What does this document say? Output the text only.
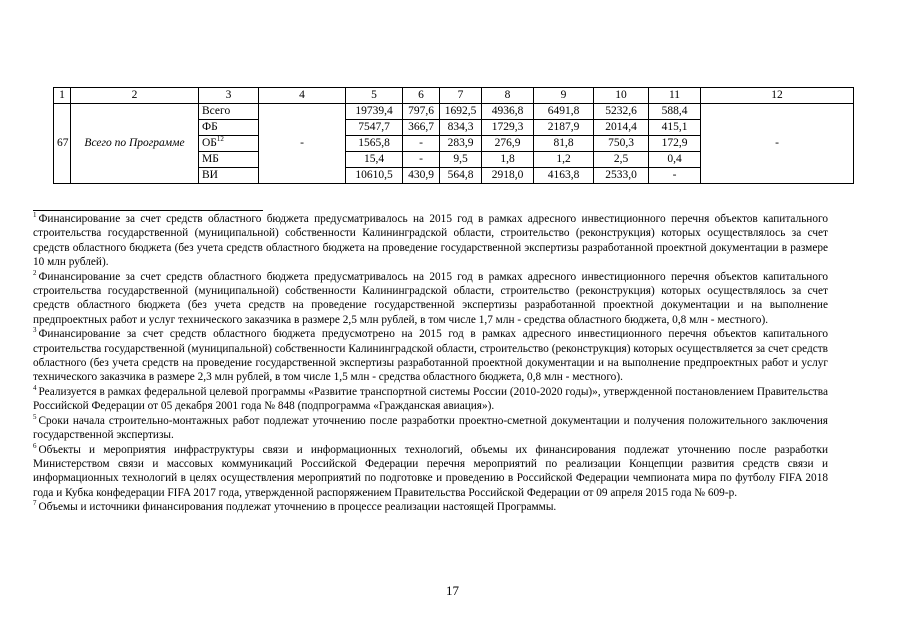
1	2	3	4	5	6	7	8	9	10	11	12
67	Всего по Программе	Всего	-	19739,4	797,6	1692,5	4936,8	6491,8	5232,6	588,4	-
		ФБ		7547,7	366,7	834,3	1729,3	2187,9	2014,4	415,1	
		ОБ$^{12}$		1565,8	-	283,9	276,9	81,8	750,3	172,9	
		МБ		15,4	-	9,5	1,8	1,2	2,5	0,4	
		ВИ		10610,5	430,9	564,8	2918,0	4163,8	2533,0	-	

$^1$ Финансирование за счет средств областного бюджета предусматривалось на 2015 год в рамках адресного инвестиционного перечня объектов капитального строительства государственной (муниципальной) собственности Калининградской области, строительство (реконструкция) которых осуществлялось за счет средств областного бюджета (без учета средств областного бюджета на проведение государственной экспертизы разработанной проектной документации в размере 10 млн рублей).

$^2$ Финансирование за счет средств областного бюджета предусматривалось на 2015 год в рамках адресного инвестиционного перечня объектов капитального строительства государственной (муниципальной) собственности Калининградской области, строительство (реконструкция) которых осуществлялось за счет средств областного бюджета (без учета средств на проведение государственной экспертизы разработанной проектной документации и на выполнение предпроектных работ и услуг технического заказчика в размере 2,5 млн рублей, в том числе 1,7 млн - средства областного бюджета, 0,8 млн - местного).

$^3$ Финансирование за счет средств областного бюджета предусмотрено на 2015 год в рамках адресного инвестиционного перечня объектов капитального строительства государственной (муниципальной) собственности Калининградской области, строительство (реконструкция) которых осуществляется за счет средств областного (без учета средств на проведение государственной экспертизы разработанной проектной документации и на выполнение предпроектных работ и услуг технического заказчика в размере 2,3 млн рублей, в том числе 1,5 млн - средства областного бюджета, 0,8 млн - местного).

$^4$ Реализуется в рамках федеральной целевой программы «Развитие транспортной системы России (2010-2020 годы)», утвержденной постановлением Правительства Российской Федерации от 05 декабря 2001 года № 848 (подпрограмма «Гражданская авиация»).

$^5$ Сроки начала строительно-монтажных работ подлежат уточнению после разработки проектно-сметной документации и получения положительного заключения государственной экспертизы.

$^6$ Объекты и мероприятия инфраструктуры связи и информационных технологий, объемы их финансирования подлежат уточнению после разработки Министерством связи и массовых коммуникаций Российской Федерации перечня мероприятий по реализации Концепции развития средств связи и информационных технологий в целях осуществления мероприятий по подготовке и проведению в Российской Федерации чемпионата мира по футболу FIFA 2018 года и Кубка конфедерации FIFA 2017 года, утвержденной распоряжением Правительства Российской Федерации от 09 апреля 2015 года № 609-р.

$^7$ Объемы и источники финансирования подлежат уточнению в процессе реализации настоящей Программы.

17
